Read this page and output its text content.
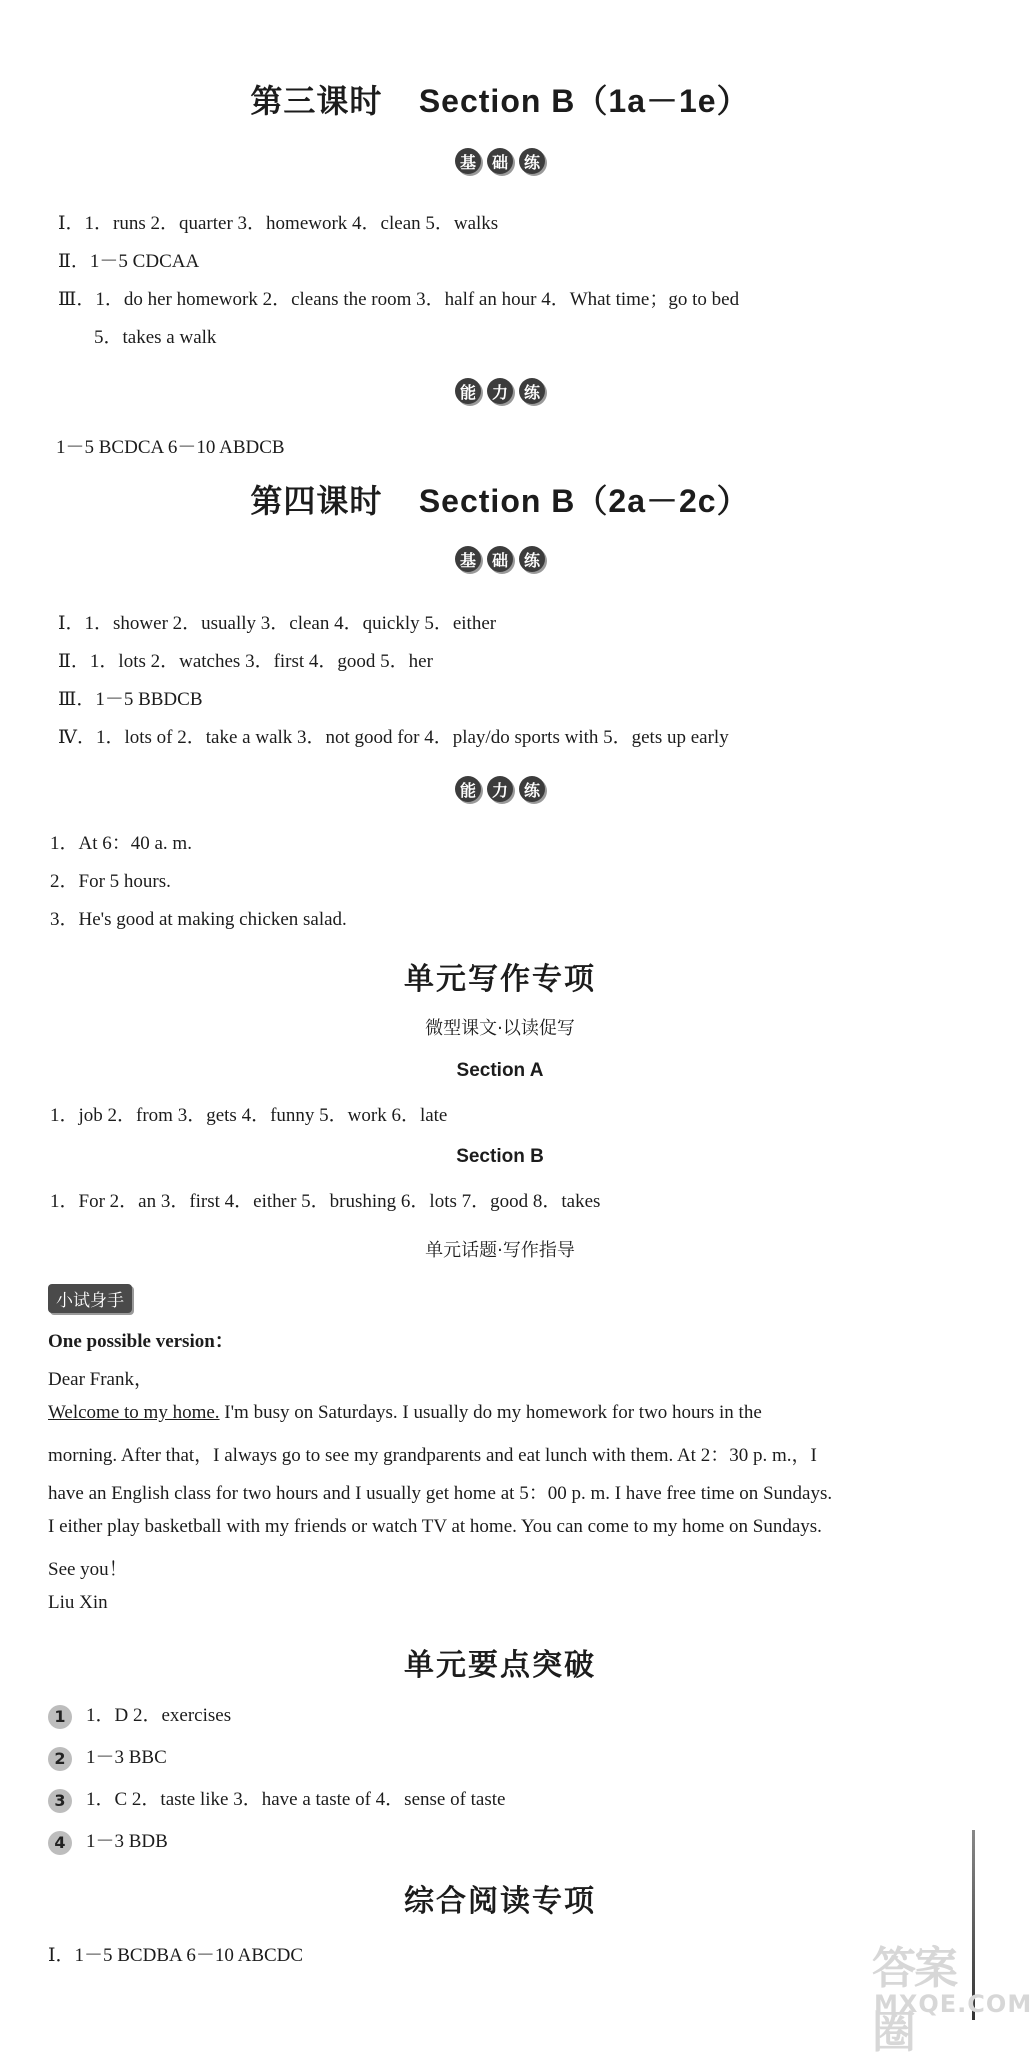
第三课时 Section B（1a－1e）
基 础 练
Ⅰ．1．runs 2．quarter 3．homework 4．clean 5．walks
Ⅱ．1－5 CDCAA
Ⅲ．1．do her homework 2．cleans the room 3．half an hour 4．What time；go to bed
5．takes a walk
能 力 练
1－5 BCDCA 6－10 ABDCB
第四课时 Section B（2a－2c）
基 础 练
Ⅰ．1．shower 2．usually 3．clean 4．quickly 5．either
Ⅱ．1．lots 2．watches 3．first 4．good 5．her
Ⅲ．1－5 BBDCB
Ⅳ．1．lots of 2．take a walk 3．not good for 4．play/do sports with 5．gets up early
能 力 练
1．At 6：40 a. m.
2．For 5 hours.
3．He's good at making chicken salad.
单元写作专项
微型课文·以读促写
Section A
1．job 2．from 3．gets 4．funny 5．work 6．late
Section B
1．For 2．an 3．first 4．either 5．brushing 6．lots 7．good 8．takes
单元话题·写作指导
小试身手
One possible version：
Dear Frank，
Welcome to my home. I'm busy on Saturdays. I usually do my homework for two hours in the
morning. After that，I always go to see my grandparents and eat lunch with them. At 2：30 p. m.，I
have an English class for two hours and I usually get home at 5：00 p. m. I have free time on Sundays.
I either play basketball with my friends or watch TV at home. You can come to my home on Sundays.
See you！
Liu Xin
单元要点突破
1 1．D 2．exercises
2 1－3 BBC
3 1．C 2．taste like 3．have a taste of 4．sense of taste
4 1－3 BDB
综合阅读专项
Ⅰ．1－5 BCDBA 6－10 ABCDC	答案圈
MXQE.COM
